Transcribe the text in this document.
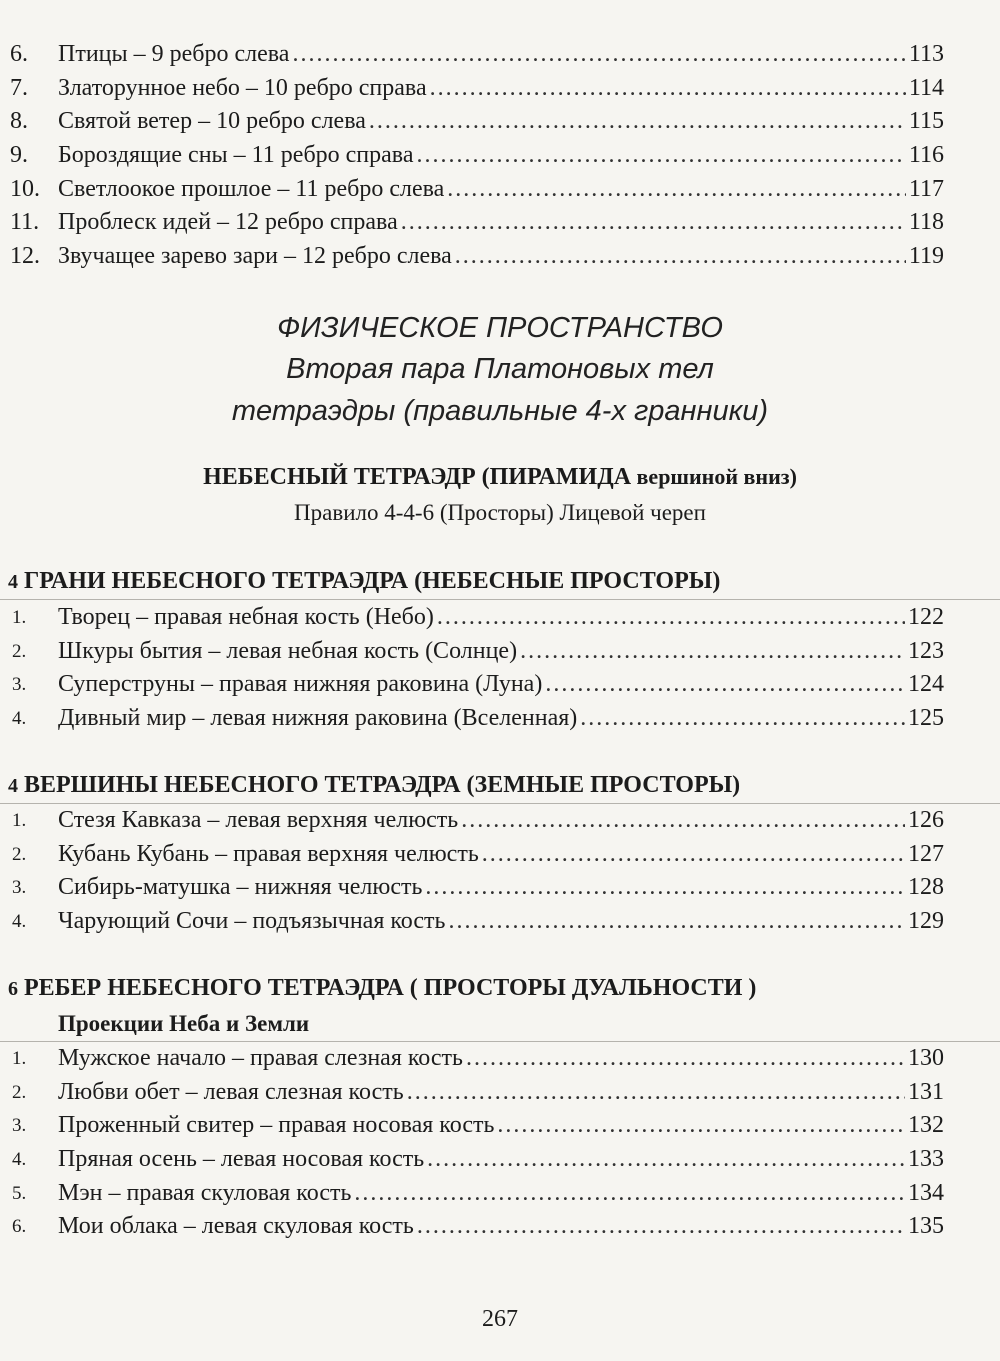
6.	Птицы – 9 ребро слева .....	113
7.	Златорунное небо – 10 ребро справа .....	114
8.	Святой ветер – 10 ребро слева .....	115
9.	Бороздящие сны – 11 ребро справа .....	116
10. Светлоокое прошлое – 11 ребро слева .....	117
11. Проблеск идей – 12 ребро справа .....	118
12. Звучащее зарево зари – 12 ребро слева .....	119
ФИЗИЧЕСКОЕ ПРОСТРАНСТВО
Вторая пара Платоновых тел
тетраэдры (правильные 4-х гранники)
НЕБЕСНЫЙ ТЕТРАЭДР (ПИРАМИДА вершиной вниз)
Правило 4-4-6 (Просторы) Лицевой череп
4 ГРАНИ НЕБЕСНОГО ТЕТРАЭДРА (НЕБЕСНЫЕ ПРОСТОРЫ)
1.	Творец – правая небная кость (Небо) .....	122
2.	Шкуры бытия – левая небная кость (Солнце) .....	123
3.	Суперструны – правая нижняя раковина (Луна) .....	124
4.	Дивный мир – левая нижняя раковина (Вселенная) .....	125
4 ВЕРШИНЫ НЕБЕСНОГО ТЕТРАЭДРА (ЗЕМНЫЕ ПРОСТОРЫ)
1.	Стезя Кавказа – левая верхняя челюсть .....	126
2.	Кубань Кубань – правая верхняя челюсть .....	127
3.	Сибирь-матушка – нижняя челюсть .....	128
4.	Чарующий Сочи – подъязычная кость .....	129
6 РЕБЕР НЕБЕСНОГО ТЕТРАЭДРА ( ПРОСТОРЫ ДУАЛЬНОСТИ )
Проекции Неба и Земли
1.	Мужское начало – правая слезная кость .....	130
2.	Любви обет – левая слезная кость .....	131
3.	Проженный свитер – правая носовая кость .....	132
4.	Пряная осень – левая носовая кость .....	133
5.	Мэн – правая скуловая кость .....	134
6.	Мои облака – левая скуловая кость .....	135
267
